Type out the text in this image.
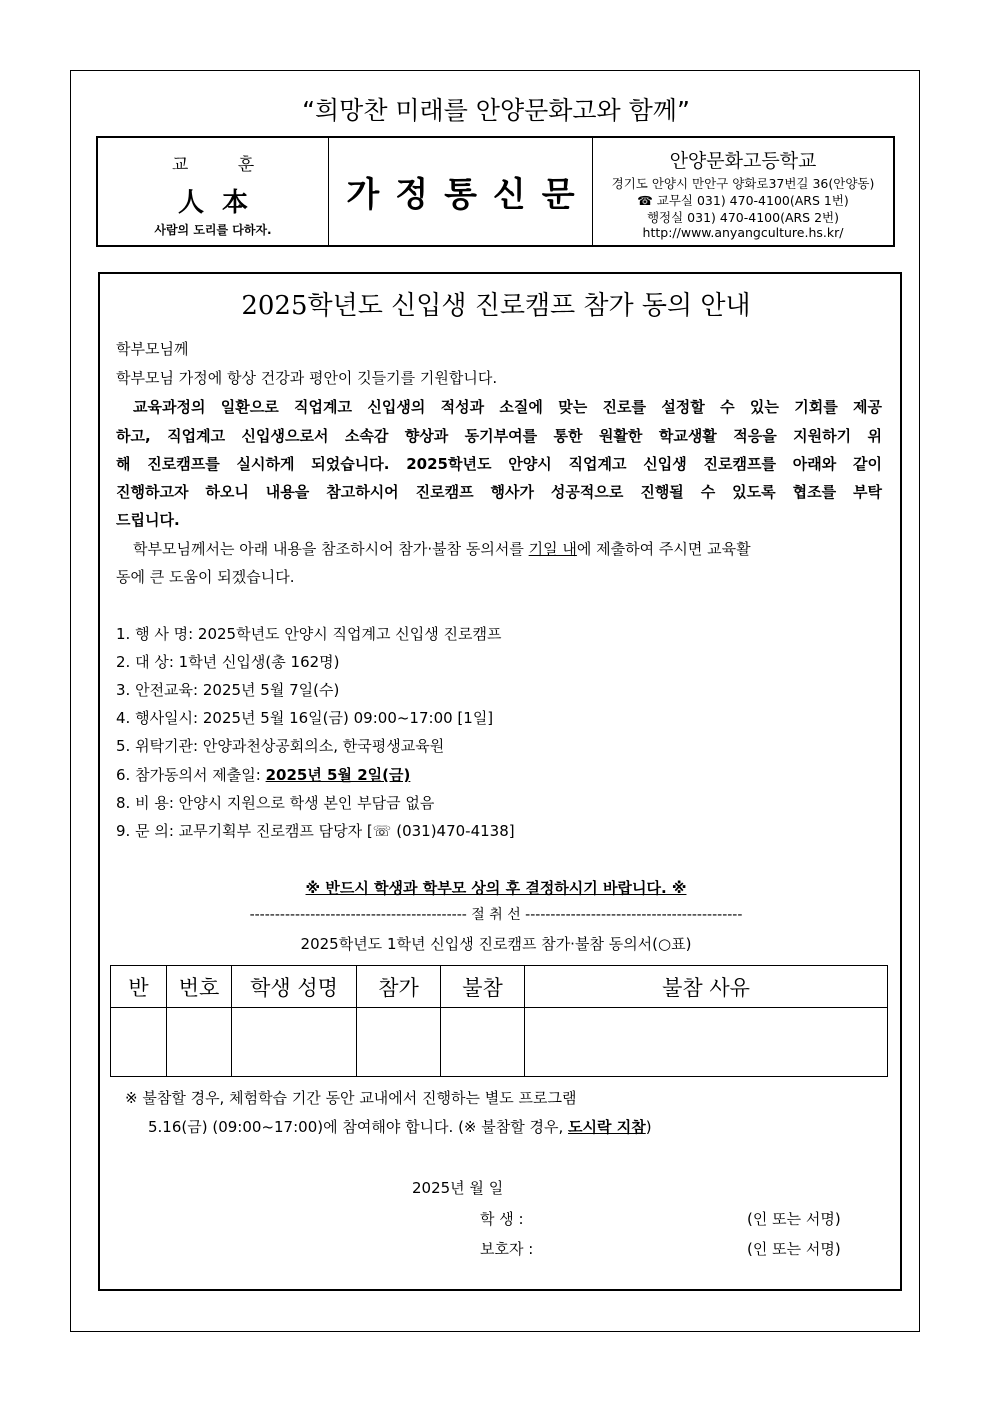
“희망찬 미래를 안양문화고와 함께”
교 훈
人本
사람의 도리를 다하자.
가정통신문
안양문화고등학교
경기도 안양시 만안구 양화로37번길 36(안양동)
☎ 교무실 031) 470-4100(ARS 1번)
행정실 031) 470-4100(ARS 2번)
http://www.anyangculture.hs.kr/
2025학년도 신입생 진로캠프 참가 동의 안내
학부모님께
학부모님 가정에 항상 건강과 평안이 깃들기를 기원합니다.
교육과정의 일환으로 직업계고 신입생의 적성과 소질에 맞는 진로를 설정할 수 있는 기회를 제공
하고, 직업계고 신입생으로서 소속감 향상과 동기부여를 통한 원활한 학교생활 적응을 지원하기 위
해 진로캠프를 실시하게 되었습니다. 2025학년도 안양시 직업계고 신입생 진로캠프를 아래와 같이
진행하고자 하오니 내용을 참고하시어 진로캠프 행사가 성공적으로 진행될 수 있도록 협조를 부탁
드립니다.
학부모님께서는 아래 내용을 참조하시어 참가·불참 동의서를 기일 내에 제출하여 주시면 교육활
동에 큰 도움이 되겠습니다.
1. 행 사 명: 2025학년도 안양시 직업계고 신입생 진로캠프
2. 대 상: 1학년 신입생(총 162명)
3. 안전교육: 2025년 5월 7일(수)
4. 행사일시: 2025년 5월 16일(금) 09:00~17:00 [1일]
5. 위탁기관: 안양과천상공회의소, 한국평생교육원
6. 참가동의서 제출일: 2025년 5월 2일(금)
8. 비 용: 안양시 지원으로 학생 본인 부담금 없음
9. 문 의: 교무기획부 진로캠프 담당자 [☏ (031)470-4138]
※ 반드시 학생과 학부모 상의 후 결정하시기 바랍니다. ※
------------------------------------------- 절 취 선 -------------------------------------------
2025학년도 1학년 신입생 진로캠프 참가·불참 동의서(○표)
반	번호	학생 성명	참가	불참	불참 사유

※ 불참할 경우, 체험학습 기간 동안 교내에서 진행하는 별도 프로그램
5.16(금) (09:00~17:00)에 참여해야 합니다. (※ 불참할 경우, 도시락 지참)
2025년 월 일
학 생 :	(인 또는 서명)
보호자 :	(인 또는 서명)
